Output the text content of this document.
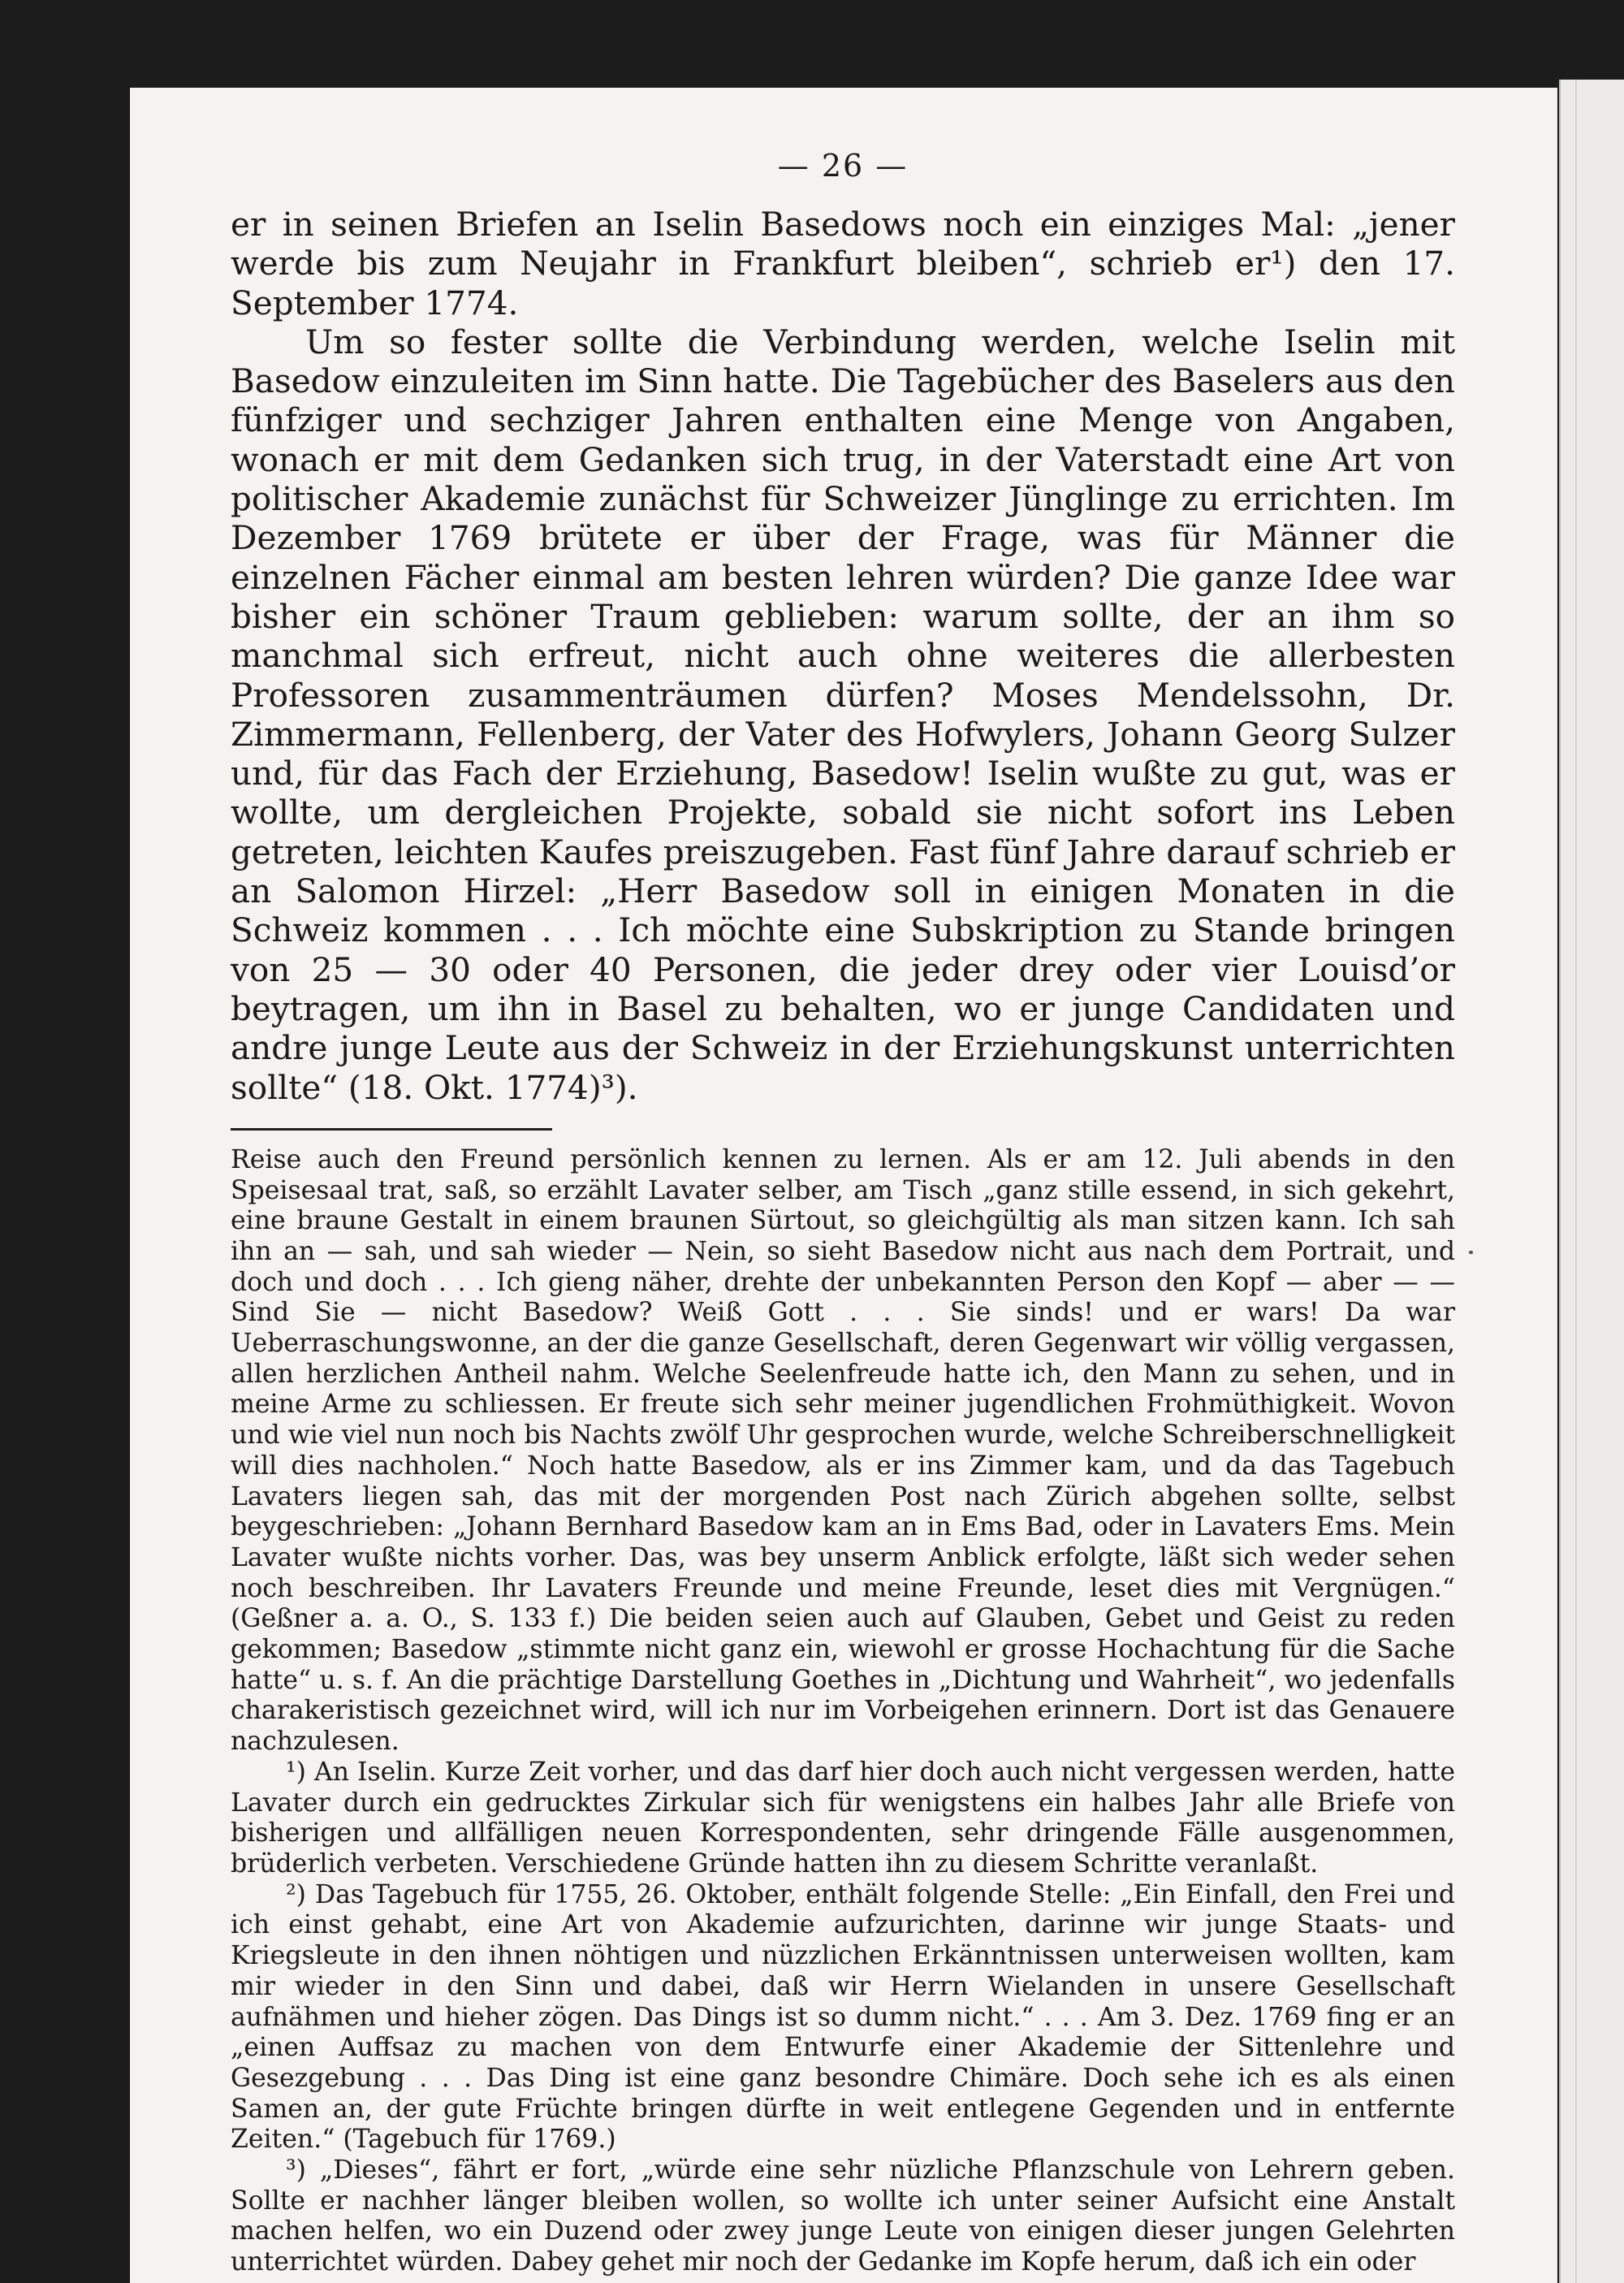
— 26 —

er in seinen Briefen an Iselin Basedows noch ein einziges Mal: „jener werde bis zum Neujahr in Frankfurt bleiben“, schrieb er¹) den 17. September 1774.

Um so fester sollte die Verbindung werden, welche Iselin mit Basedow einzuleiten im Sinn hatte. Die Tagebücher des Baselers aus den fünfziger und sechziger Jahren enthalten eine Menge von Angaben, wonach er mit dem Gedanken sich trug, in der Vaterstadt eine Art von politischer Akademie zunächst für Schweizer Jünglinge zu errichten. Im Dezember 1769 brütete er über der Frage, was für Männer die einzelnen Fächer einmal am besten lehren würden? Die ganze Idee war bisher ein schöner Traum geblieben: warum sollte, der an ihm so manchmal sich erfreut, nicht auch ohne weiteres die allerbesten Professoren zusammenträumen dürfen? Moses Mendelssohn, Dr. Zimmermann, Fellenberg, der Vater des Hofwylers, Johann Georg Sulzer und, für das Fach der Erziehung, Basedow! Iselin wußte zu gut, was er wollte, um dergleichen Projekte, sobald sie nicht sofort ins Leben getreten, leichten Kaufes preiszugeben. Fast fünf Jahre darauf schrieb er an Salomon Hirzel: „Herr Basedow soll in einigen Monaten in die Schweiz kommen . . . Ich möchte eine Subskription zu Stande bringen von 25 — 30 oder 40 Personen, die jeder drey oder vier Louisd’or beytragen, um ihn in Basel zu behalten, wo er junge Candidaten und andre junge Leute aus der Schweiz in der Erziehungskunst unterrichten sollte“ (18. Okt. 1774)³).

Reise auch den Freund persönlich kennen zu lernen. Als er am 12. Juli abends in den Speisesaal trat, saß, so erzählt Lavater selber, am Tisch „ganz stille essend, in sich gekehrt, eine braune Gestalt in einem braunen Sürtout, so gleichgültig als man sitzen kann. Ich sah ihn an — sah, und sah wieder — Nein, so sieht Basedow nicht aus nach dem Portrait, und doch und doch . . . Ich gieng näher, drehte der unbekannten Person den Kopf — aber — — Sind Sie — nicht Basedow? Weiß Gott . . . Sie sinds! und er wars! Da war Ueberraschungswonne, an der die ganze Gesellschaft, deren Gegenwart wir völlig vergassen, allen herzlichen Antheil nahm. Welche Seelenfreude hatte ich, den Mann zu sehen, und in meine Arme zu schliessen. Er freute sich sehr meiner jugendlichen Frohmüthigkeit. Wovon und wie viel nun noch bis Nachts zwölf Uhr gesprochen wurde, welche Schreiberschnelligkeit will dies nachholen.“ Noch hatte Basedow, als er ins Zimmer kam, und da das Tagebuch Lavaters liegen sah, das mit der morgenden Post nach Zürich abgehen sollte, selbst beygeschrieben: „Johann Bernhard Basedow kam an in Ems Bad, oder in Lavaters Ems. Mein Lavater wußte nichts vorher. Das, was bey unserm Anblick erfolgte, läßt sich weder sehen noch beschreiben. Ihr Lavaters Freunde und meine Freunde, leset dies mit Vergnügen.“ (Geßner a. a. O., S. 133 f.) Die beiden seien auch auf Glauben, Gebet und Geist zu reden gekommen; Basedow „stimmte nicht ganz ein, wiewohl er grosse Hochachtung für die Sache hatte“ u. s. f. An die prächtige Darstellung Goethes in „Dichtung und Wahrheit“, wo jedenfalls charakeristisch gezeichnet wird, will ich nur im Vorbeigehen erinnern. Dort ist das Genauere nachzulesen.

¹) An Iselin. Kurze Zeit vorher, und das darf hier doch auch nicht vergessen werden, hatte Lavater durch ein gedrucktes Zirkular sich für wenigstens ein halbes Jahr alle Briefe von bisherigen und allfälligen neuen Korrespondenten, sehr dringende Fälle ausgenommen, brüderlich verbeten. Verschiedene Gründe hatten ihn zu diesem Schritte veranlaßt.

²) Das Tagebuch für 1755, 26. Oktober, enthält folgende Stelle: „Ein Einfall, den Frei und ich einst gehabt, eine Art von Akademie aufzurichten, darinne wir junge Staats- und Kriegsleute in den ihnen nöhtigen und nüzzlichen Erkänntnissen unterweisen wollten, kam mir wieder in den Sinn und dabei, daß wir Herrn Wielanden in unsere Gesellschaft aufnähmen und hieher zögen. Das Dings ist so dumm nicht.“ . . . Am 3. Dez. 1769 fing er an „einen Auffsaz zu machen von dem Entwurfe einer Akademie der Sittenlehre und Gesezgebung . . . Das Ding ist eine ganz besondre Chimäre. Doch sehe ich es als einen Samen an, der gute Früchte bringen dürfte in weit entlegene Gegenden und in entfernte Zeiten.“ (Tagebuch für 1769.)

³) „Dieses“, fährt er fort, „würde eine sehr nüzliche Pflanzschule von Lehrern geben. Sollte er nachher länger bleiben wollen, so wollte ich unter seiner Aufsicht eine Anstalt machen helfen, wo ein Duzend oder zwey junge Leute von einigen dieser jungen Gelehrten unterrichtet würden. Dabey gehet mir noch der Gedanke im Kopfe herum, daß ich ein oder
